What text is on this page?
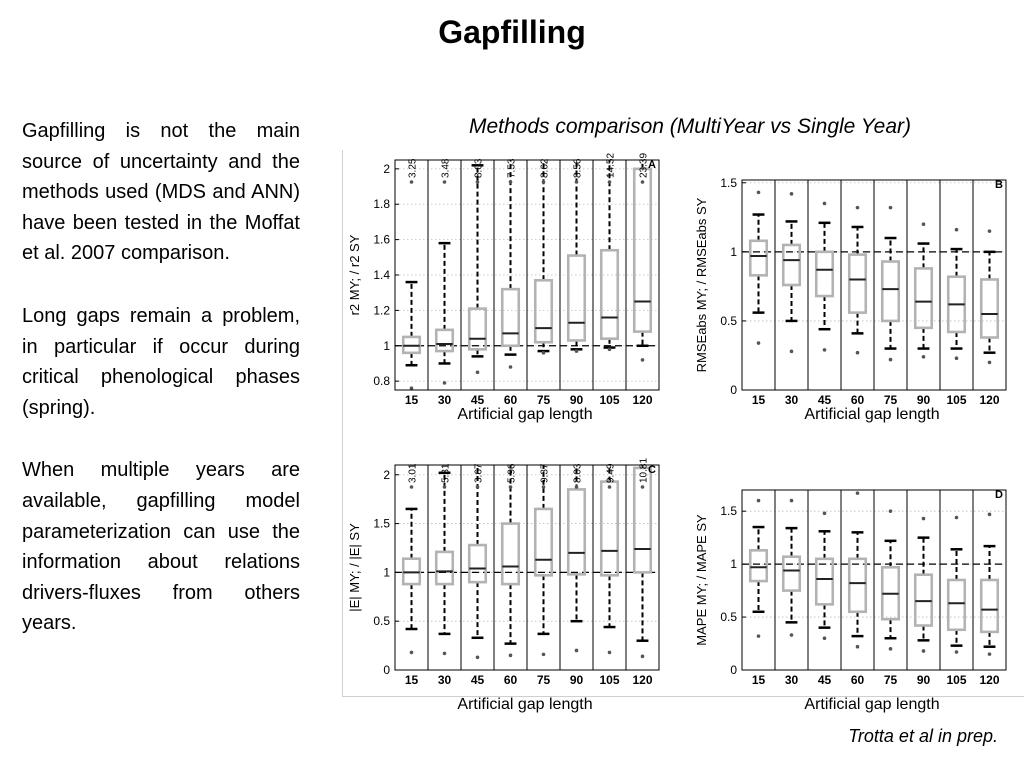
Gapfilling

Gapfilling is not the main source of uncertainty and the methods used (MDS and ANN) have been tested in the Moffat et al. 2007 comparison.

Long gaps remain a problem, in particular if occur during critical phenological phases (spring).

When multiple years are available, gapfilling model parameterization can use the information about relations drivers-fluxes from others years.

Methods comparison (MultiYear vs Single Year)
0.8
1
1.2
1.4
1.6
1.8
2 3.25
15
3.48
30
8.03
45
7.53
60
8.62
75
8.56
90
14.52
105
23.39
120
A
r2 MY; / r2 SY
0
0.5
1
1.5
15 30 45 60 75 90 105 120
B
RMSEabs MY; / RMSEabs SY
0
0.5
1
1.5
2 3.01
15
5.31
30
3.67
45
5.96
60
9.37
75
8.03
90
9.49
105
10.81
120
C
|E| MY; / |E| SY
0
0.5
1
1.5
15 30 45 60 75 90 105 120
D
MAPE MY; / MAPE SY
Artificial gap length	Artificial gap length
Artificial gap length	Artificial gap length
Trotta et al in prep.
